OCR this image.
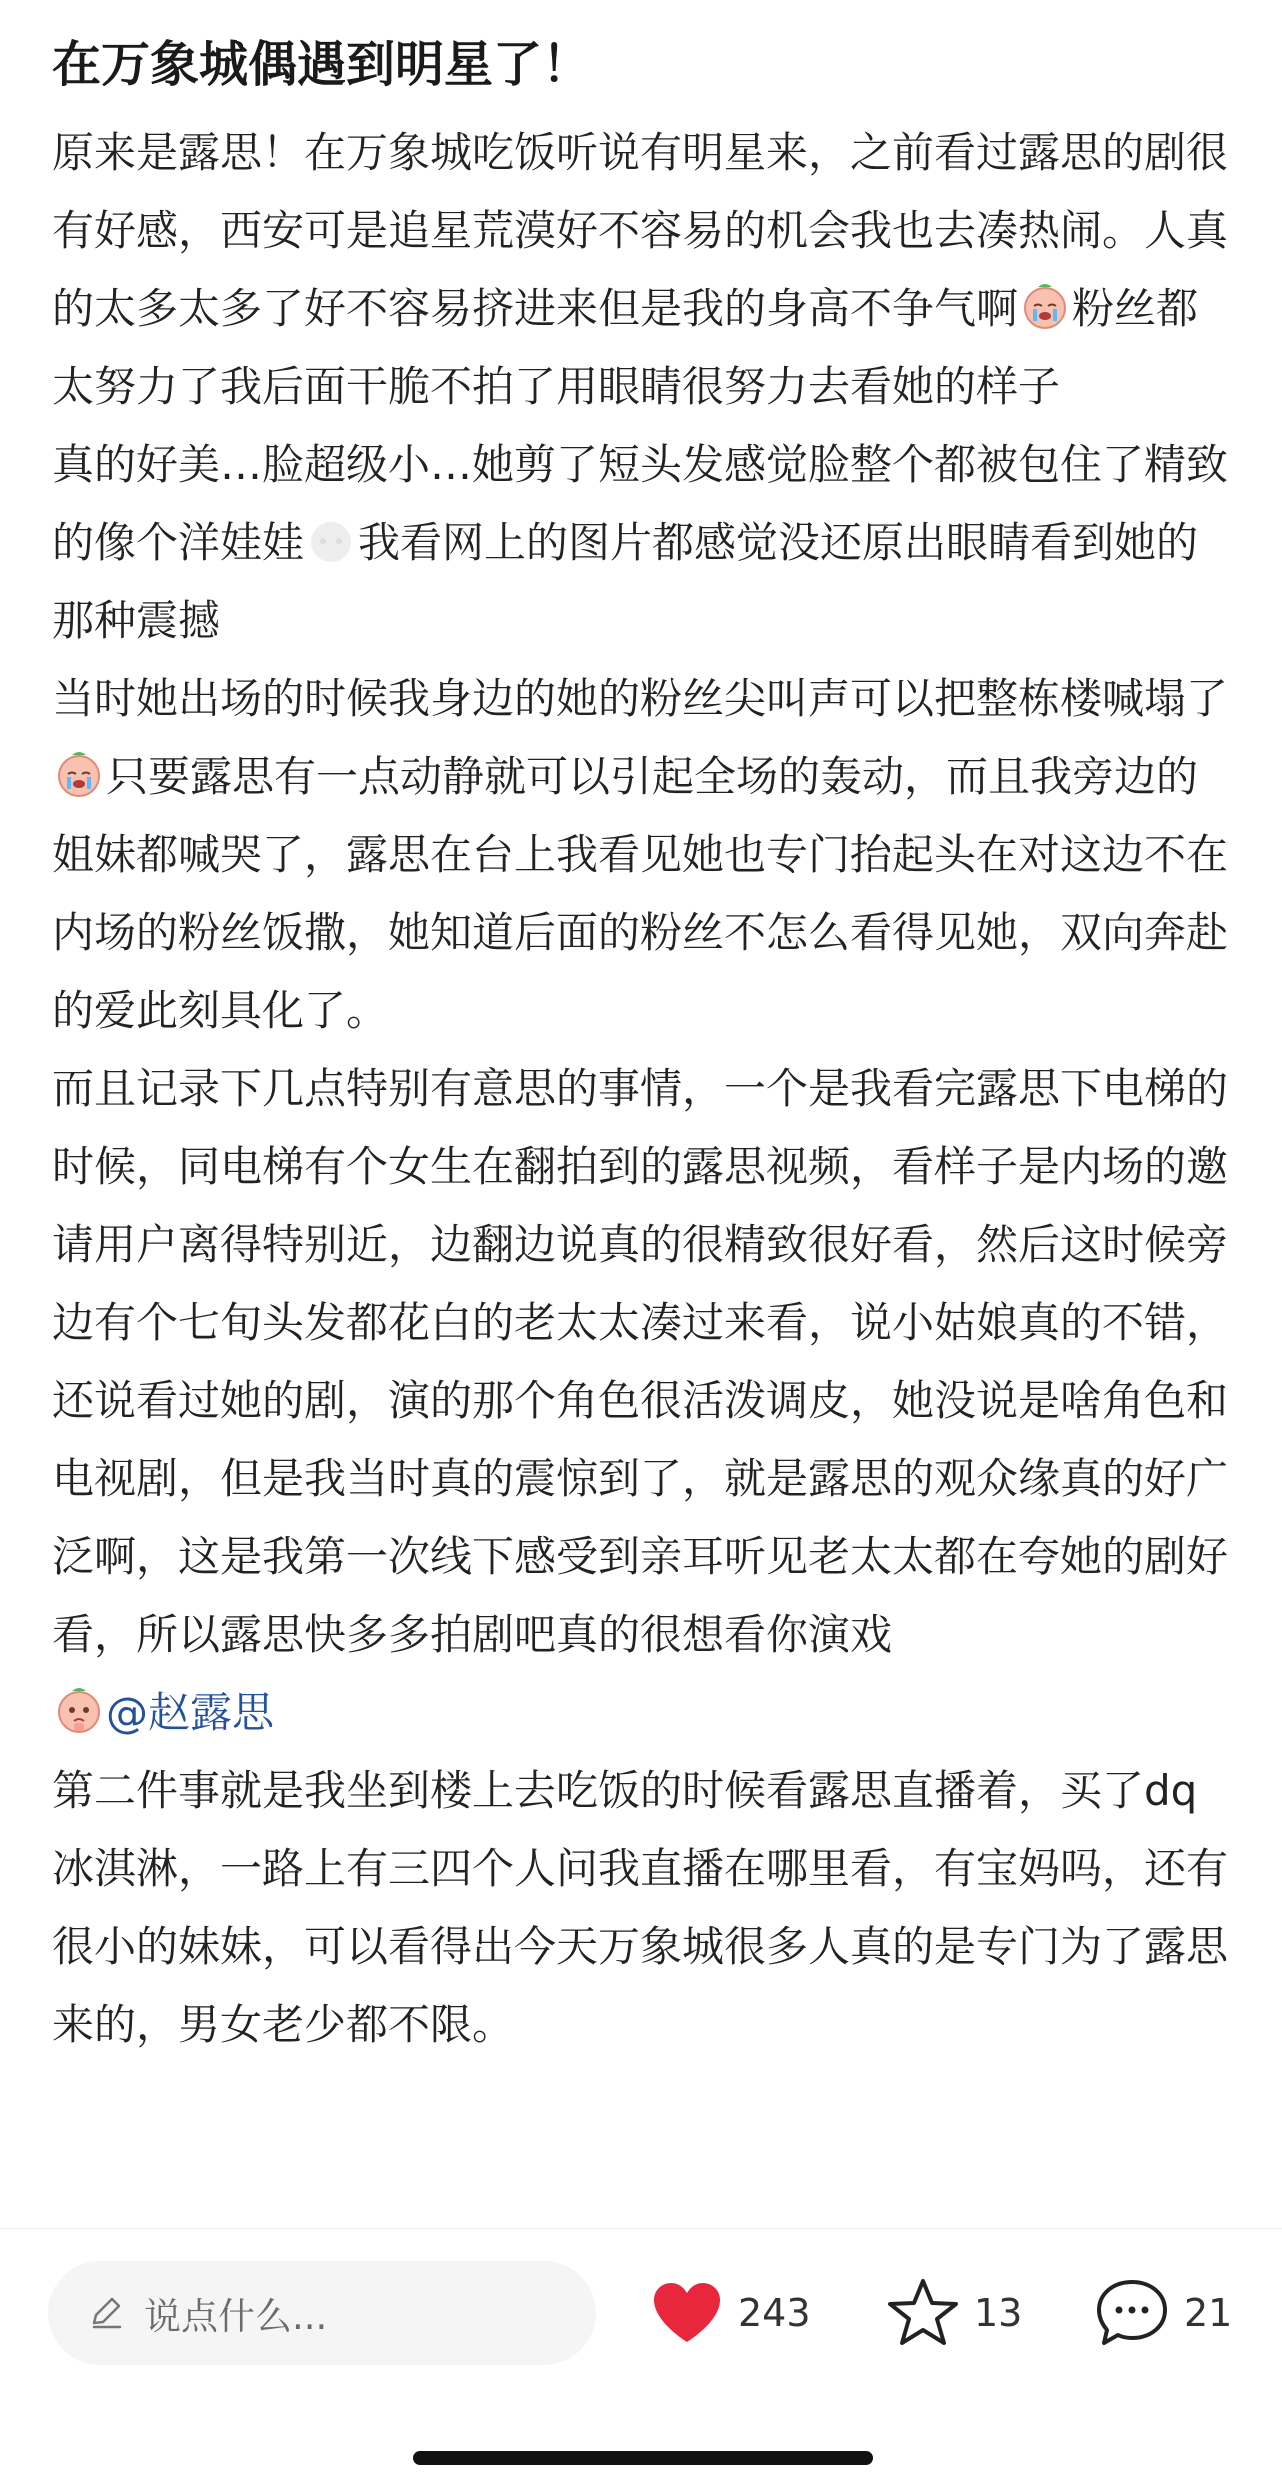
在万象城偶遇到明星了！

原来是露思！在万象城吃饭听说有明星来，之前看过露思的剧很有好感，西安可是追星荒漠好不容易的机会我也去凑热闹。人真的太多太多了好不容易挤进来但是我的身高不争气啊 粉丝都太努力了我后面干脆不拍了用眼睛很努力去看她的样子

真的好美…脸超级小…她剪了短头发感觉脸整个都被包住了精致的像个洋娃娃 我看网上的图片都感觉没还原出眼睛看到她的那种震撼

当时她出场的时候我身边的她的粉丝尖叫声可以把整栋楼喊塌了只要露思有一点动静就可以引起全场的轰动，而且我旁边的姐妹都喊哭了，露思在台上我看见她也专门抬起头在对这边不在内场的粉丝饭撒，她知道后面的粉丝不怎么看得见她，双向奔赴的爱此刻具化了。

而且记录下几点特别有意思的事情，一个是我看完露思下电梯的时候，同电梯有个女生在翻拍到的露思视频，看样子是内场的邀请用户离得特别近，边翻边说真的很精致很好看，然后这时候旁边有个七旬头发都花白的老太太凑过来看，说小姑娘真的不错，还说看过她的剧，演的那个角色很活泼调皮，她没说是啥角色和电视剧，但是我当时真的震惊到了，就是露思的观众缘真的好广泛啊，这是我第一次线下感受到亲耳听见老太太都在夸她的剧好看，所以露思快多多拍剧吧真的很想看你演戏
@赵露思

第二件事就是我坐到楼上去吃饭的时候看露思直播着，买了dq冰淇淋，一路上有三四个人问我直播在哪里看，有宝妈吗，还有很小的妹妹，可以看得出今天万象城很多人真的是专门为了露思来的，男女老少都不限。

说点什么...	243	13	21
